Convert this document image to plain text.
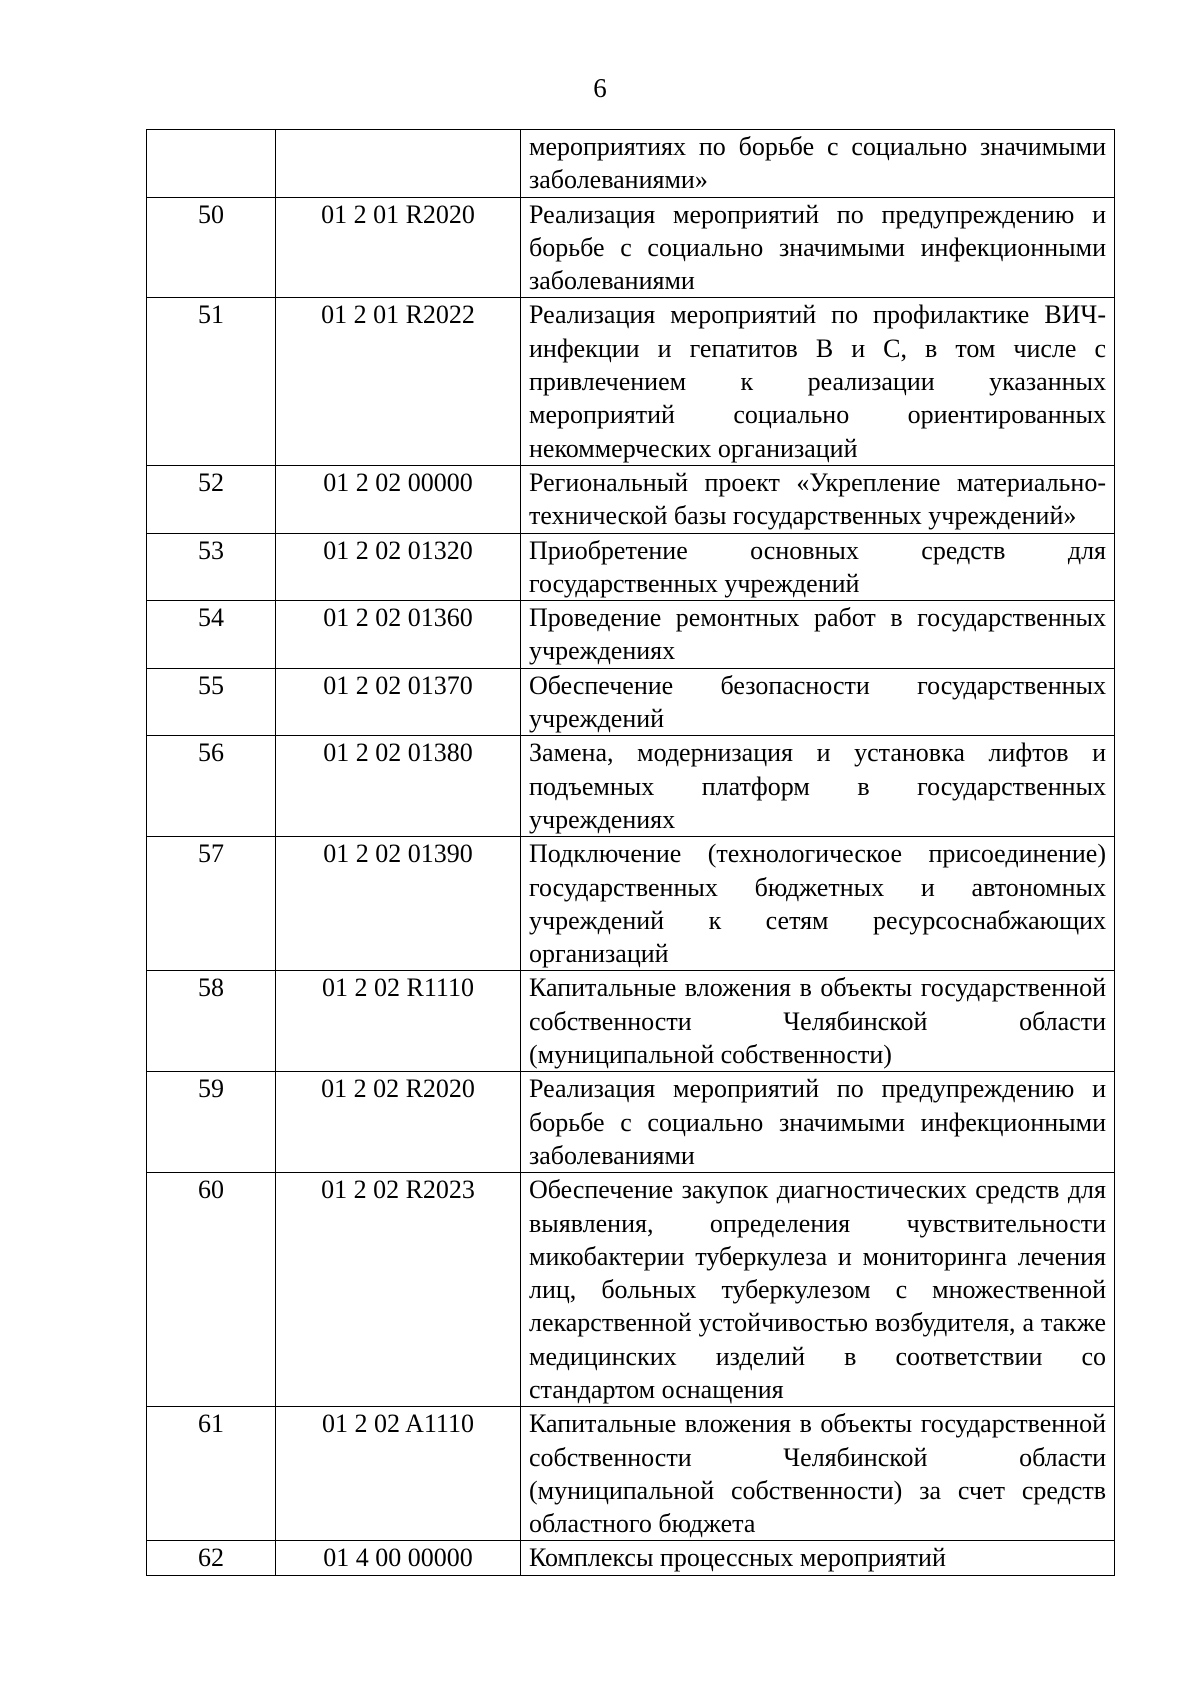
6
		мероприятиях по борьбе с социально значимыми заболеваниями»
50	01 2 01 R2020	Реализация мероприятий по предупреждению и борьбе с социально значимыми инфекционными заболеваниями
51	01 2 01 R2022	Реализация мероприятий по профилактике ВИЧ-инфекции и гепатитов B и C, в том числе с привлечением к реализации указанных мероприятий социально ориентированных некоммерческих организаций
52	01 2 02 00000	Региональный проект «Укрепление материально-технической базы государственных учреждений»
53	01 2 02 01320	Приобретение основных средств для государственных учреждений
54	01 2 02 01360	Проведение ремонтных работ в государственных учреждениях
55	01 2 02 01370	Обеспечение безопасности государственных учреждений
56	01 2 02 01380	Замена, модернизация и установка лифтов и подъемных платформ в государственных учреждениях
57	01 2 02 01390	Подключение (технологическое присоединение) государственных бюджетных и автономных учреждений к сетям ресурсоснабжающих организаций
58	01 2 02 R1110	Капитальные вложения в объекты государственной собственности Челябинской области (муниципальной собственности)
59	01 2 02 R2020	Реализация мероприятий по предупреждению и борьбе с социально значимыми инфекционными заболеваниями
60	01 2 02 R2023	Обеспечение закупок диагностических средств для выявления, определения чувствительности микобактерии туберкулеза и мониторинга лечения лиц, больных туберкулезом с множественной лекарственной устойчивостью возбудителя, а также медицинских изделий в соответствии со стандартом оснащения
61	01 2 02 A1110	Капитальные вложения в объекты государственной собственности Челябинской области (муниципальной собственности) за счет средств областного бюджета
62	01 4 00 00000	Комплексы процессных мероприятий
